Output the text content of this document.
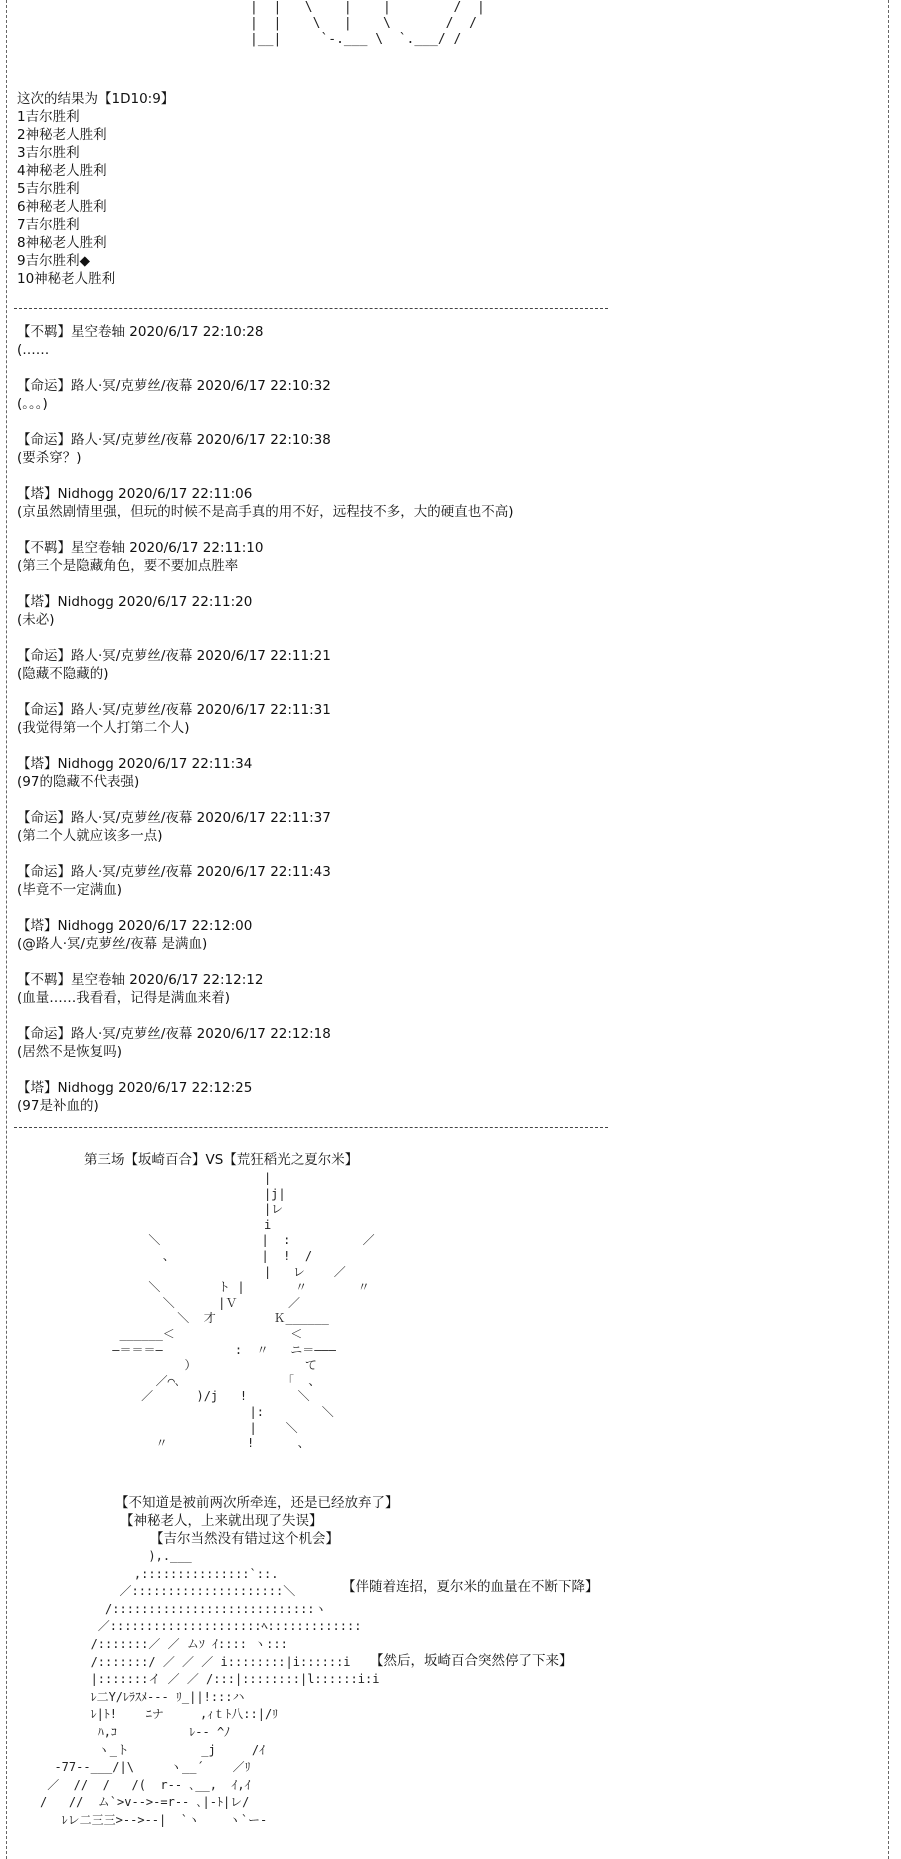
|  |   \    |    |        /  |
|  |    \   |    \       /  /
|__|     `-.___ \  `.___/ /
这次的结果为【1D10:9】
1吉尔胜利
2神秘老人胜利
3吉尔胜利
4神秘老人胜利
5吉尔胜利
6神秘老人胜利
7吉尔胜利
8神秘老人胜利
9吉尔胜利◆
10神秘老人胜利
【不羁】星空卷轴 2020/6/17 22:10:28
(……
【命运】路人·冥/克萝丝/夜幕 2020/6/17 22:10:32
(。。。)
【命运】路人·冥/克萝丝/夜幕 2020/6/17 22:10:38
(要杀穿？)
【塔】Nidhogg 2020/6/17 22:11:06
(京虽然剧情里强，但玩的时候不是高手真的用不好，远程技不多，大的硬直也不高)
【不羁】星空卷轴 2020/6/17 22:11:10
(第三个是隐藏角色，要不要加点胜率
【塔】Nidhogg 2020/6/17 22:11:20
(未必)
【命运】路人·冥/克萝丝/夜幕 2020/6/17 22:11:21
(隐藏不隐藏的)
【命运】路人·冥/克萝丝/夜幕 2020/6/17 22:11:31
(我觉得第一个人打第二个人)
【塔】Nidhogg 2020/6/17 22:11:34
(97的隐藏不代表强)
【命运】路人·冥/克萝丝/夜幕 2020/6/17 22:11:37
(第二个人就应该多一点)
【命运】路人·冥/克萝丝/夜幕 2020/6/17 22:11:43
(毕竟不一定满血)
【塔】Nidhogg 2020/6/17 22:12:00
(@路人·冥/克萝丝/夜幕 是满血)
【不羁】星空卷轴 2020/6/17 22:12:12
(血量……我看看，记得是满血来着)
【命运】路人·冥/克萝丝/夜幕 2020/6/17 22:12:18
(居然不是恢复吗)
【塔】Nidhogg 2020/6/17 22:12:25
(97是补血的)
第三场【坂崎百合】VS【荒狂稻光之夏尔米】
|
|j|
|レ
i
＼              |  :          ／
、            |  !  /
|   レ    ／
＼        ト |       〃       〃
＼      |Ｖ       ／
＼  才        Ｋ______
______＜                ＜
―＝＝＝―          :  〃   ニ＝―――
）               て
／⌒､              「  、
／      )/j   !       ＼
|:        ＼
|    ＼
〃           !      、
【不知道是被前两次所牵连，还是已经放弃了】
【神秘老人，上来就出现了失误】
【吉尔当然没有错过这个机会】
),.___
,:::::::::::::::`::.
／:::::::::::::::::::::＼
/::::::::::::::::::::::::::::ヽ
／:::::::::::::::::::::ﾍ:::::::::::::
/:::::::／ ／ ムｿ ｲ:::: ヽ:::
/:::::::/ ／ ／ ／ i::::::::|i::::::i
|:::::::イ ／ ／ /:::|::::::::|l::::::i:i
ﾚ二Y/ﾚﾗｽﾒ--- ﾘ_||!:::ハ
ﾚ|ﾄ!    ﾆナ     ,ｨｔﾄ八::|/ﾘ
ﾊ,ｺ          ﾚ-- ^ﾉ
ヽ_ト          _j     /ｲ
-77--___/|\     ヽ__´    ／ﾘ
／  //  /   /(  r-- ､__,  ｲ,ｲ
/   //  ム`>v-->-=r-- ､|-ﾄ|レ/
ﾚレ二三三>-->--|  `ヽ    ヽ`ー-
【伴随着连招，夏尔米的血量在不断下降】
【然后，坂崎百合突然停了下来】
